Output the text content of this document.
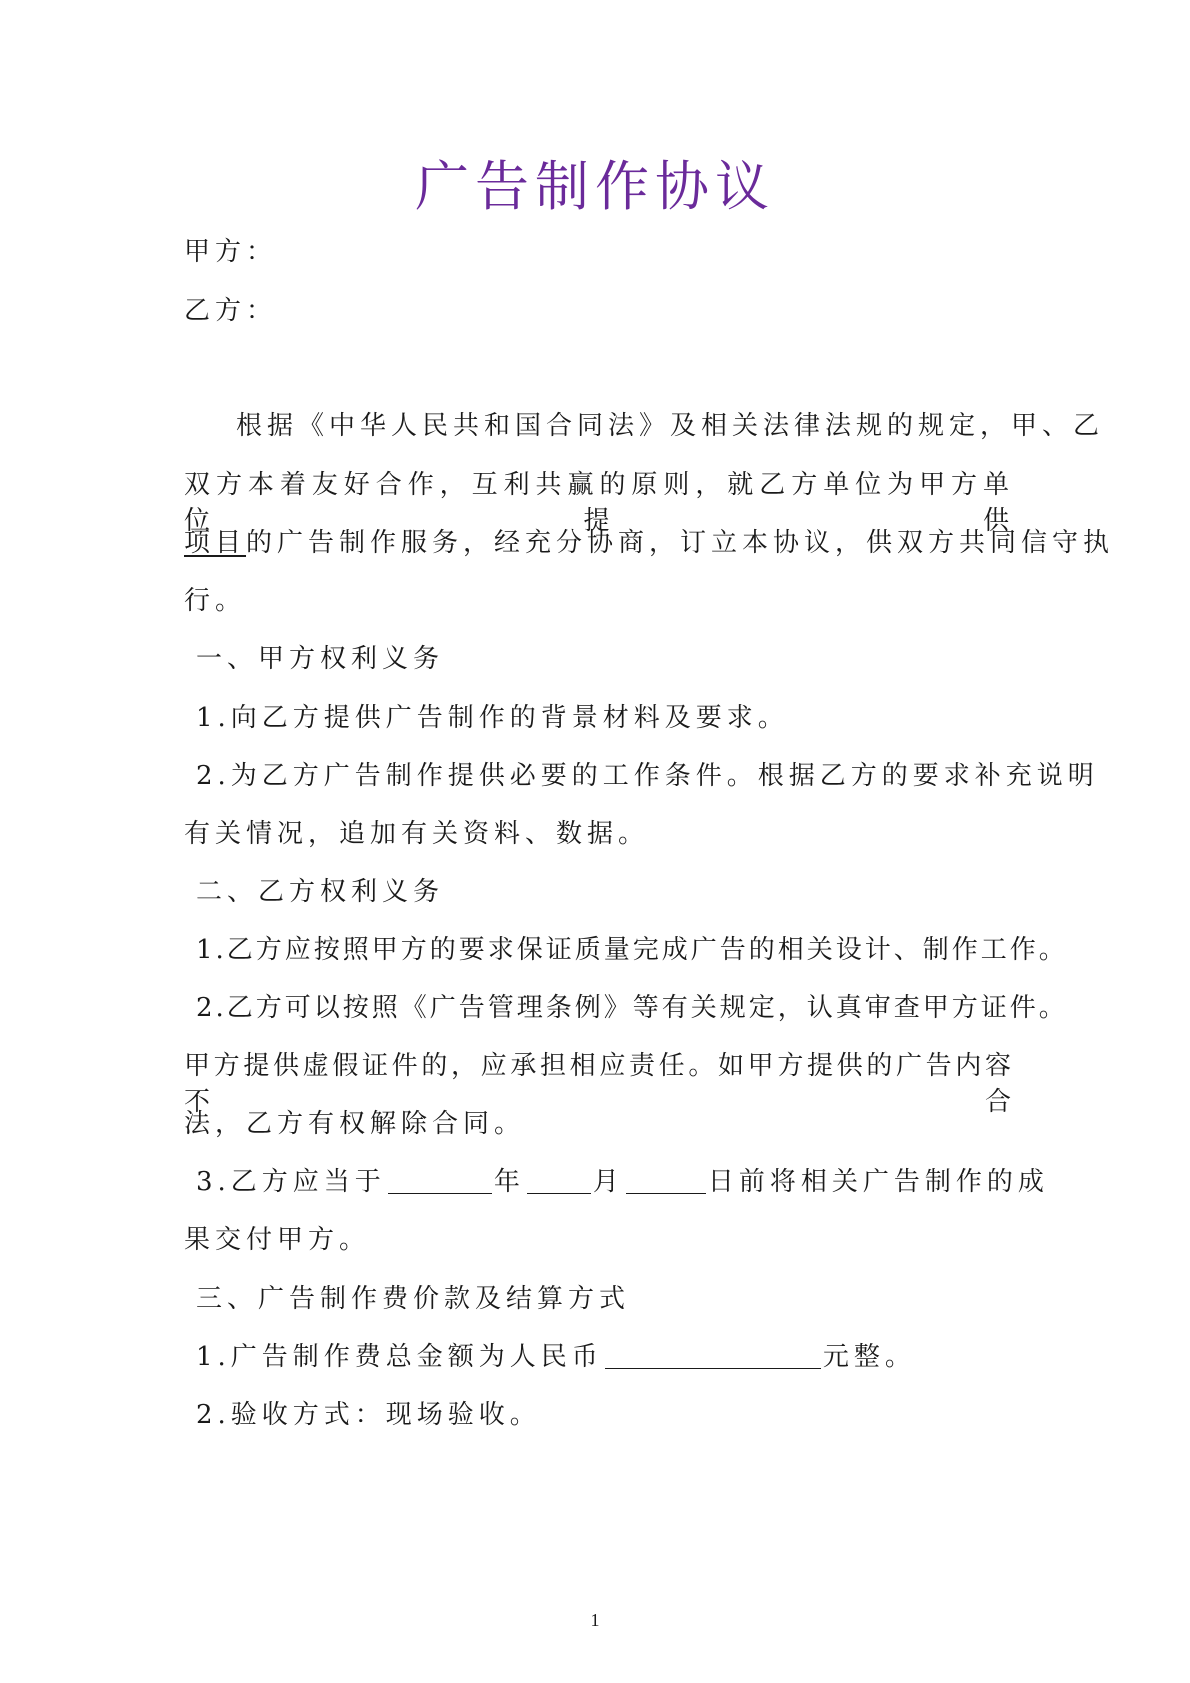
广告制作协议
甲方：
乙方：
根据《中华人民共和国合同法》及相关法律法规的规定，甲、乙
双方本着友好合作，互利共赢的原则，就乙方单位为甲方单位提供
项目的广告制作服务，经充分协商，订立本协议，供双方共同信守执
行。
一、甲方权利义务
1.向乙方提供广告制作的背景材料及要求。
2.为乙方广告制作提供必要的工作条件。根据乙方的要求补充说明
有关情况，追加有关资料、数据。
二、乙方权利义务
1.乙方应按照甲方的要求保证质量完成广告的相关设计、制作工作。
2.乙方可以按照《广告管理条例》等有关规定，认真审查甲方证件。
甲方提供虚假证件的，应承担相应责任。如甲方提供的广告内容不合
法，乙方有权解除合同。
3.乙方应当于	年	月	日前将相关广告制作的成
果交付甲方。
三、广告制作费价款及结算方式
1.广告制作费总金额为人民币	元整。
2.验收方式：现场验收。
1
